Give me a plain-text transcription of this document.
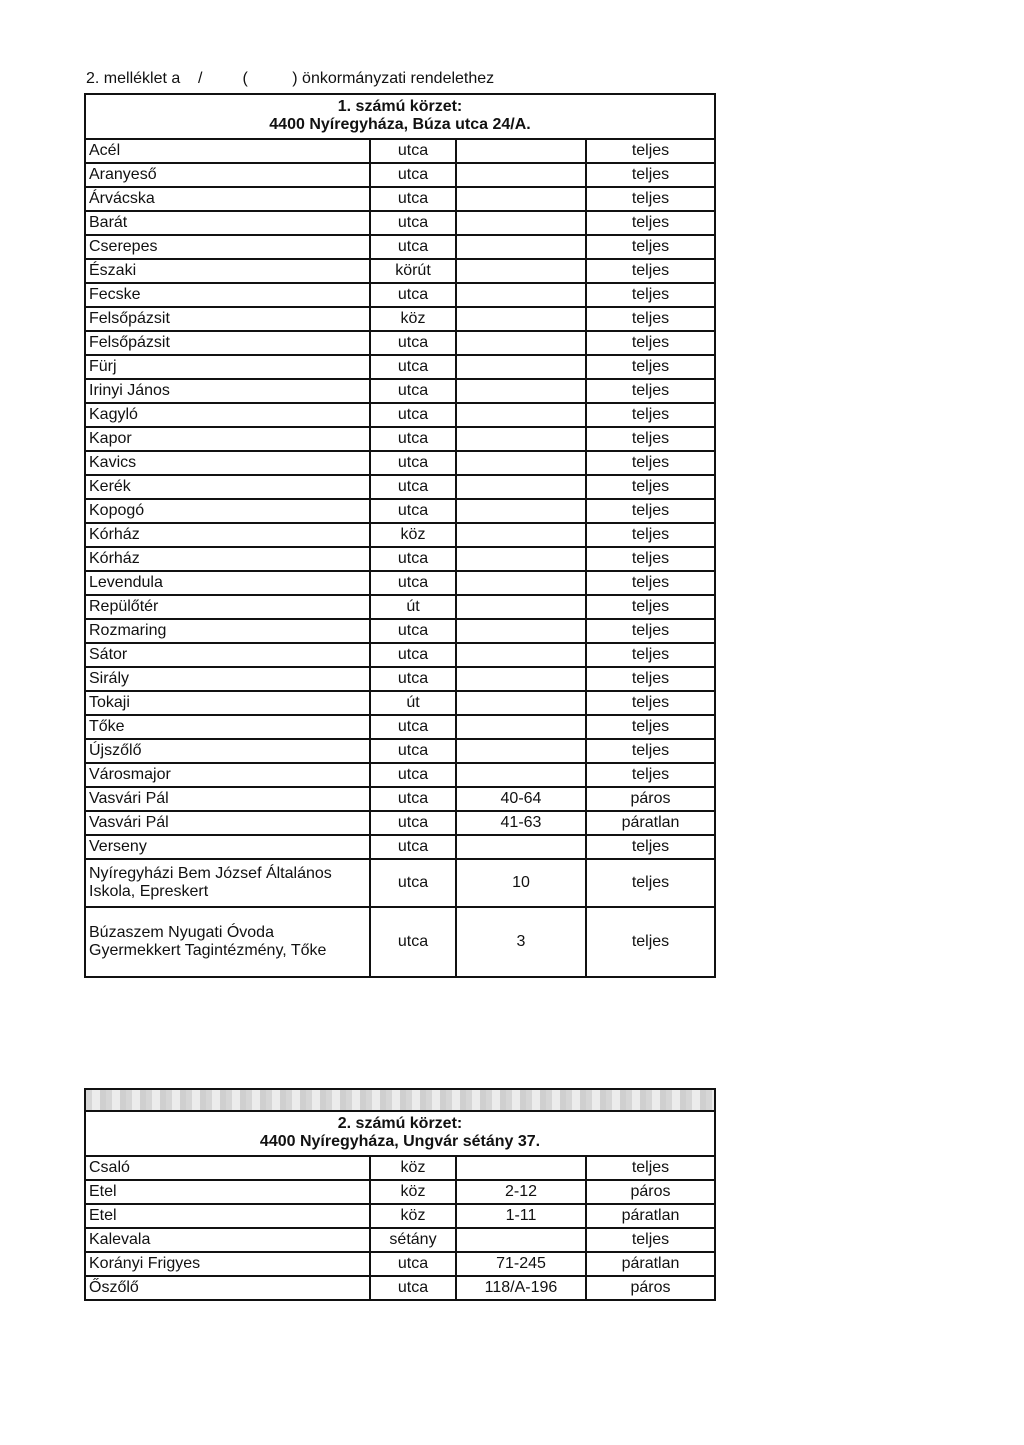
2. melléklet a    /         (          ) önkormányzati rendelethez
1. számú körzet:
4400 Nyíregyháza, Búza utca 24/A.			

Acél	utca		teljes
Aranyeső	utca		teljes
Árvácska	utca		teljes
Barát	utca		teljes
Cserepes	utca		teljes
Északi	körút		teljes
Fecske	utca		teljes
Felsőpázsit	köz		teljes
Felsőpázsit	utca		teljes
Fürj	utca		teljes
Irinyi János	utca		teljes
Kagyló	utca		teljes
Kapor	utca		teljes
Kavics	utca		teljes
Kerék	utca		teljes
Kopogó	utca		teljes
Kórház	köz		teljes
Kórház	utca		teljes
Levendula	utca		teljes
Repülőtér	út		teljes
Rozmaring	utca		teljes
Sátor	utca		teljes
Sirály	utca		teljes
Tokaji	út		teljes
Tőke	utca		teljes
Újszőlő	utca		teljes
Városmajor	utca		teljes
Vasvári Pál	utca	40-64	páros
Vasvári Pál	utca	41-63	páratlan
Verseny	utca		teljes
Nyíregyházi Bem József Általános Iskola, Epreskert	utca	10	teljes
Búzaszem Nyugati Óvoda Gyermekkert Tagintézmény, Tőke	utca	3	teljes

2. számú körzet:
4400 Nyíregyháza, Ungvár sétány 37.			

Csaló	köz		teljes
Etel	köz	2-12	páros
Etel	köz	1-11	páratlan
Kalevala	sétány		teljes
Korányi Frigyes	utca	71-245	páratlan
Őszőlő	utca	118/A-196	páros
